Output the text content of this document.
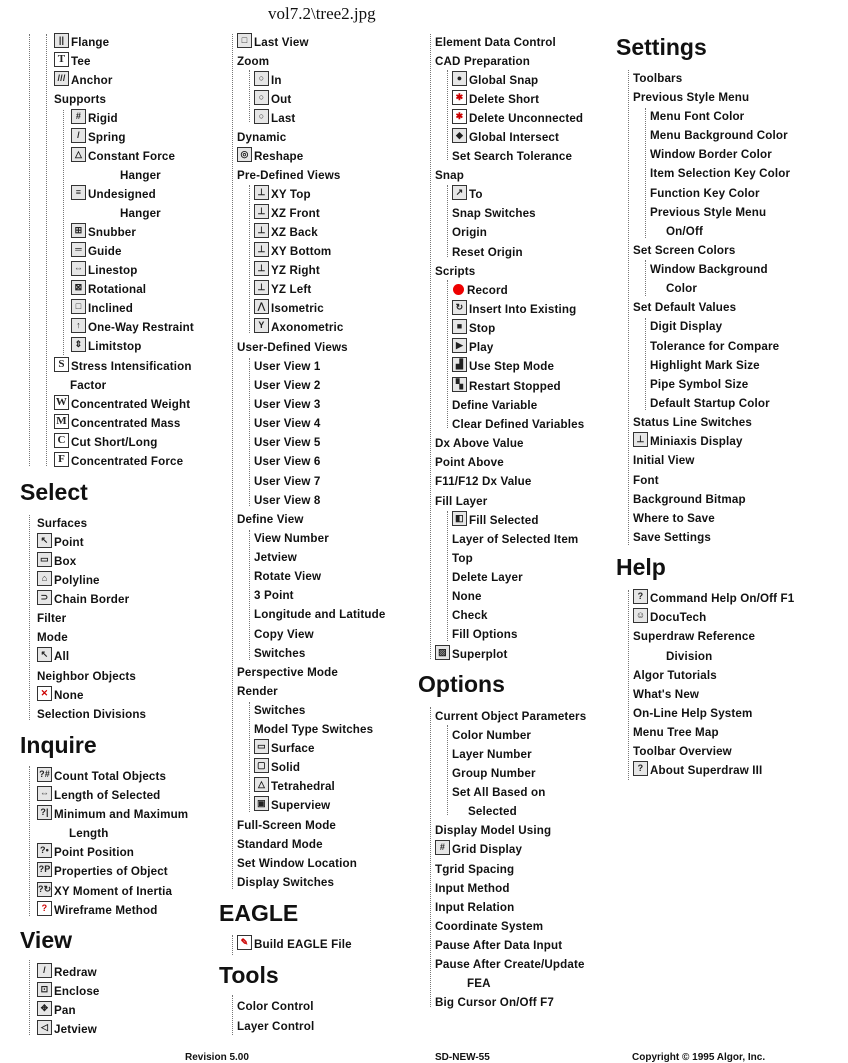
vol7.2\tree2.jpg
|| Flange
T Tee
/// Anchor
Supports
# Rigid
/ Spring
△ Constant Force
Hanger
≡ Undesigned
Hanger
⊞ Snubber
═ Guide
⇔ Linestop
⊠ Rotational
□ Inclined
↑ One-Way Restraint
⇕ Limitstop
S Stress Intensification
Factor
W Concentrated Weight
M Concentrated Mass
C Cut Short/Long
F Concentrated Force
Select
Surfaces
↖ Point
▭ Box
⌂ Polyline
⊃ Chain Border
Filter
Mode
↖ All
Neighbor Objects
✕ None
Selection Divisions
Inquire
?# Count Total Objects
⇔ Length of Selected
?| Minimum and Maximum
Length
?• Point Position
?P Properties of Object
?↻ XY Moment of Inertia
? Wireframe Method
View
/ Redraw
⊡ Enclose
✥ Pan
◁ Jetview
□ Last View
Zoom
○ In
○ Out
○ Last
Dynamic
◎ Reshape
Pre-Defined Views
⊥ XY Top
⊥ XZ Front
⊥ XZ Back
⊥ XY Bottom
⊥ YZ Right
⊥ YZ Left
⋀ Isometric
Y Axonometric
User-Defined Views
User View 1
User View 2
User View 3
User View 4
User View 5
User View 6
User View 7
User View 8
Define View
View Number
Jetview
Rotate View
3 Point
Longitude and Latitude
Copy View
Switches
Perspective Mode
Render
Switches
Model Type Switches
▭ Surface
▢ Solid
△ Tetrahedral
▣ Superview
Full-Screen Mode
Standard Mode
Set Window Location
Display Switches
EAGLE
✎ Build EAGLE File
Tools
Color Control
Layer Control
Element Data Control
CAD Preparation
● Global Snap
✱ Delete Short
✱ Delete Unconnected
◆ Global Intersect
Set Search Tolerance
Snap
↗ To
Snap Switches
Origin
Reset Origin
Scripts
Record
↻ Insert Into Existing
■ Stop
▶ Play
▟ Use Step Mode
▚ Restart Stopped
Define Variable
Clear Defined Variables
Dx Above Value
Point Above
F11/F12 Dx Value
Fill Layer
◧ Fill Selected
Layer of Selected Item
Top
Delete Layer
None
Check
Fill Options
▨ Superplot
Options
Current Object Parameters
Color Number
Layer Number
Group Number
Set All Based on
Selected
Display Model Using
# Grid Display
Tgrid Spacing
Input Method
Input Relation
Coordinate System
Pause After Data Input
Pause After Create/Update
FEA
Big Cursor On/Off F7
Settings
Toolbars
Previous Style Menu
Menu Font Color
Menu Background Color
Window Border Color
Item Selection Key Color
Function Key Color
Previous Style Menu
On/Off
Set Screen Colors
Window Background
Color
Set Default Values
Digit Display
Tolerance for Compare
Highlight Mark Size
Pipe Symbol Size
Default Startup Color
Status Line Switches
⊥ Miniaxis Display
Initial View
Font
Background Bitmap
Where to Save
Save Settings
Help
? Command Help On/Off F1
☺ DocuTech
Superdraw Reference
Division
Algor Tutorials
What's New
On-Line Help System
Menu Tree Map
Toolbar Overview
? About Superdraw III
Revision 5.00	SD-NEW-55	Copyright © 1995 Algor, Inc.
